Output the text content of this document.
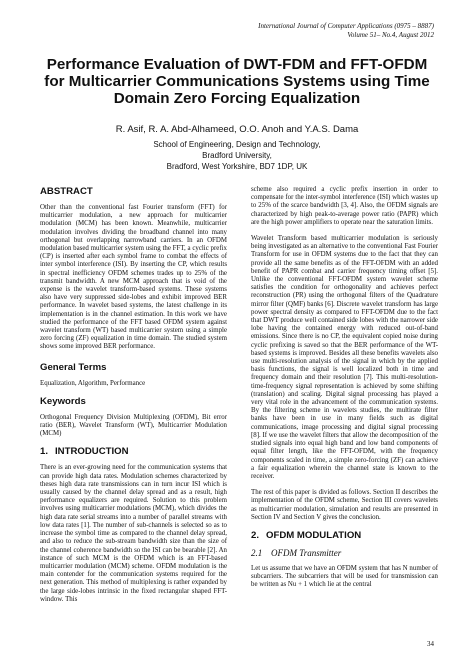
International Journal of Computer Applications (0975 – 8887)
Volume 51– No.4, August 2012
Performance Evaluation of DWT-FDM and FFT-OFDM for Multicarrier Communications Systems using Time Domain Zero Forcing Equalization
R. Asif, R. A. Abd-Alhameed, O.O. Anoh and Y.A.S. Dama
School of Engineering, Design and Technology,
Bradford University,
Bradford, West Yorkshire, BD7 1DP, UK
ABSTRACT

Other than the conventional fast Fourier transform (FFT) for multicarrier modulation, a new approach for multicarrier modulation (MCM) has been known. Meanwhile, multicarrier modulation involves dividing the broadband channel into many orthogonal but overlapping narrowband carriers. In an OFDM modulation based multicarrier system using the FFT, a cyclic prefix (CP) is inserted after each symbol frame to combat the effects of inter symbol interference (ISI). By inserting the CP, which results in spectral inefficiency OFDM schemes trades up to 25% of the transmit bandwidth. A new MCM approach that is void of the expense is the wavelet transform-based systems. These systems also have very suppressed side-lobes and exhibit improved BER performance. In wavelet based systems, the latest challenge in its implementation is in the channel estimation. In this work we have studied the performance of the FFT based OFDM system against wavelet transform (WT) based multicarrier system using a simple zero forcing (ZF) equalization in time domain. The studied system shows some improved BER performance.

General Terms

Equalization, Algorithm, Performance

Keywords

Orthogonal Frequency Division Multiplexing (OFDM), Bit error ratio (BER), Wavelet Transform (WT), Multicarrier Modulation (MCM)

1. INTRODUCTION

There is an ever-growing need for the communication systems that can provide high data rates. Modulation schemes characterized by theses high data rate transmissions can in turn incur ISI which is usually caused by the channel delay spread and as a result, high performance equalizers are required. Solution to this problem involves using multicarrier modulations (MCM), which divides the high data rate serial streams into a number of parallel streams with low data rates [1]. The number of sub-channels is selected so as to increase the symbol time as compared to the channel delay spread, and also to reduce the sub-stream bandwidth size than the size of the channel coherence bandwidth so the ISI can be bearable [2]. An instance of such MCM is the OFDM which is an FFT-based multicarrier modulation (MCM) scheme. OFDM modulation is the main contender for the communication systems required for the next generation. This method of multiplexing is rather expanded by the large side-lobes intrinsic in the fixed rectangular shaped FFT-window. This

scheme also required a cyclic prefix insertion in order to compensate for the inter-symbol interference (ISI) which wastes up to 25% of the scarce bandwidth [3, 4]. Also, the OFDM signals are characterized by high peak-to-average power ratio (PAPR) which are the high power amplifiers to operate near the saturation limits.

Wavelet Transform based multicarrier modulation is seriously being investigated as an alternative to the conventional Fast Fourier Transform for use in OFDM systems due to the fact that they can provide all the same benefits as of the FFT-OFDM with an added benefit of PAPR combat and carrier frequency timing offset [5]. Unlike the conventional FFT-OFDM system wavelet scheme satisfies the condition for orthogonality and achieves perfect reconstruction (PR) using the orthogonal filters of the Quadrature mirror filter (QMF) banks [6]. Discrete wavelet transform has large power spectral density as compared to FFT-OFDM due to the fact that DWT produce well contained side lobes with the narrower side lobe having the contained energy with reduced out-of-band emissions. Since there is no CP, the equivalent copied noise during cyclic prefixing is saved so that the BER performance of the WT-based systems is improved. Besides all these benefits wavelets also use multi-resolution analysis of the signal in which by the applied basis functions, the signal is well localized both in time and frequency domain and their resolution [7]. This multi-resolution- time-frequency signal representation is achieved by some shifting (translation) and scaling. Digital signal processing has played a very vital role in the advancement of the communication systems. By the filtering scheme in wavelets studies, the multirate filter banks have been in use in many fields such as digital communications, image processing and digital signal processing [8]. If we use the wavelet filters that allow the decomposition of the studied signals into equal high band and low band components of equal filter length, like the FFT-OFDM, with the frequency components scaled in time, a simple zero-forcing (ZF) can achieve a fair equalization wherein the channel state is known to the receiver.

The rest of this paper is divided as follows. Section II describes the implementation of the OFDM scheme, Section III covers wavelets as multicarrier modulation, simulation and results are presented in Section IV and Section V gives the conclusion.

2. OFDM MODULATION
2.1 OFDM Transmitter

Let us assume that we have an OFDM system that has N number of subcarriers. The subcarriers that will be used for transmission can be written as Nu + 1 which lie at the central

34
